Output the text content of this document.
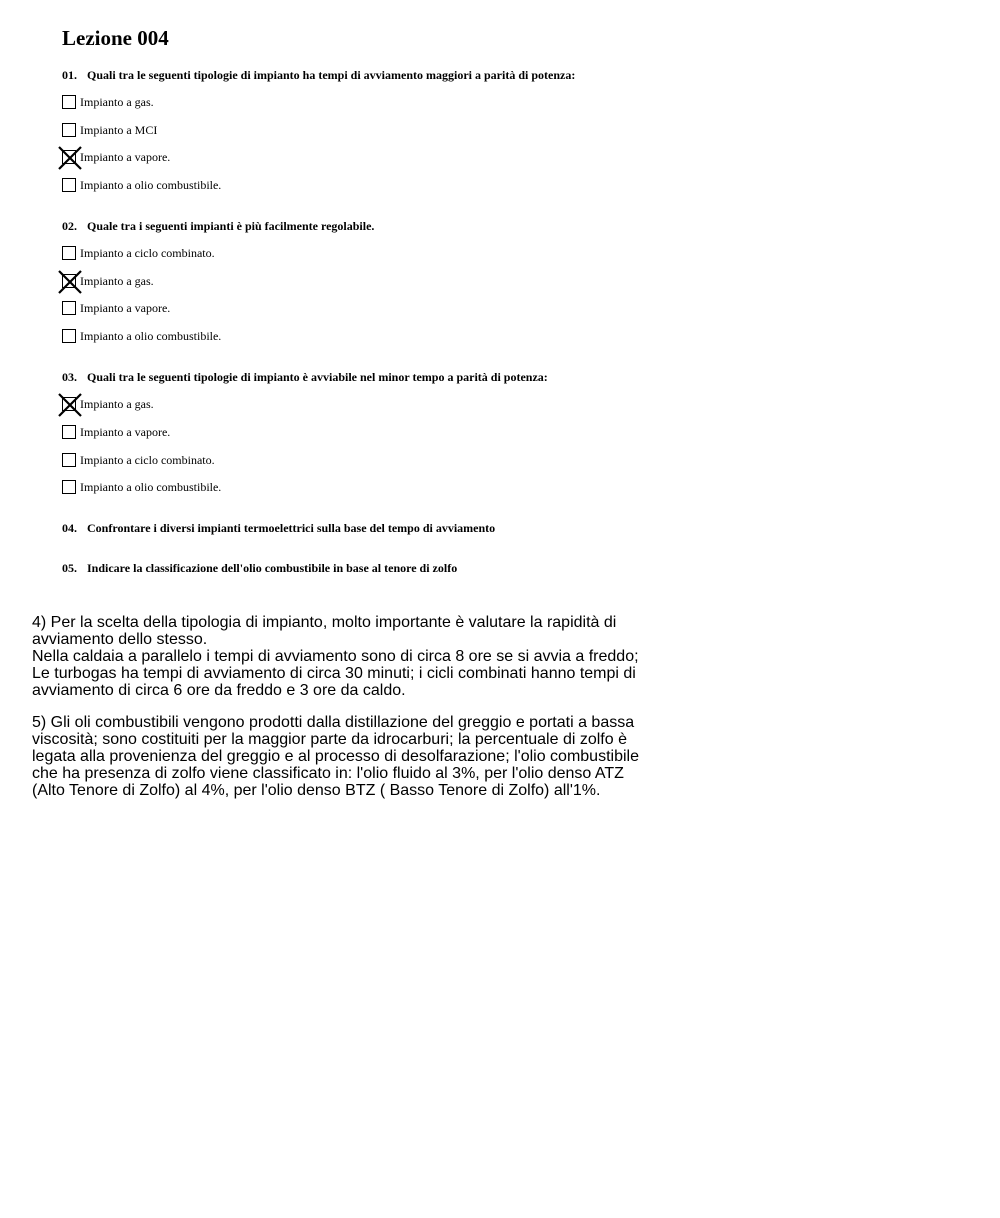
Lezione 004
01. Quali tra le seguenti tipologie di impianto ha tempi di avviamento maggiori a parità di potenza:
Impianto a gas.
Impianto a MCI
Impianto a vapore.
Impianto a olio combustibile.
02. Quale tra i seguenti impianti è più facilmente regolabile.
Impianto a ciclo combinato.
Impianto a gas.
Impianto a vapore.
Impianto a olio combustibile.
03. Quali tra le seguenti tipologie di impianto è avviabile nel minor tempo a parità di potenza:
Impianto a gas.
Impianto a vapore.
Impianto a ciclo combinato.
Impianto a olio combustibile.
04. Confrontare i diversi impianti termoelettrici sulla base del tempo di avviamento
05. Indicare la classificazione dell'olio combustibile in base al tenore di zolfo
4) Per la scelta della tipologia di impianto, molto importante è valutare la rapidità di
avviamento dello stesso.
Nella caldaia a parallelo i tempi di avviamento sono di circa 8 ore se si avvia a freddo;
Le turbogas ha tempi di avviamento di circa 30 minuti; i cicli combinati hanno tempi di
avviamento di circa 6 ore da freddo e 3 ore da caldo.
5) Gli oli combustibili vengono prodotti dalla distillazione del greggio e portati a bassa
viscosità; sono costituiti per la maggior parte da idrocarburi; la percentuale di zolfo è
legata alla provenienza del greggio e al processo di desolfarazione; l'olio combustibile
che ha presenza di zolfo viene classificato in: l'olio fluido al 3%, per l'olio denso ATZ
(Alto Tenore di Zolfo) al 4%, per l'olio denso BTZ ( Basso Tenore di Zolfo) all'1%.
